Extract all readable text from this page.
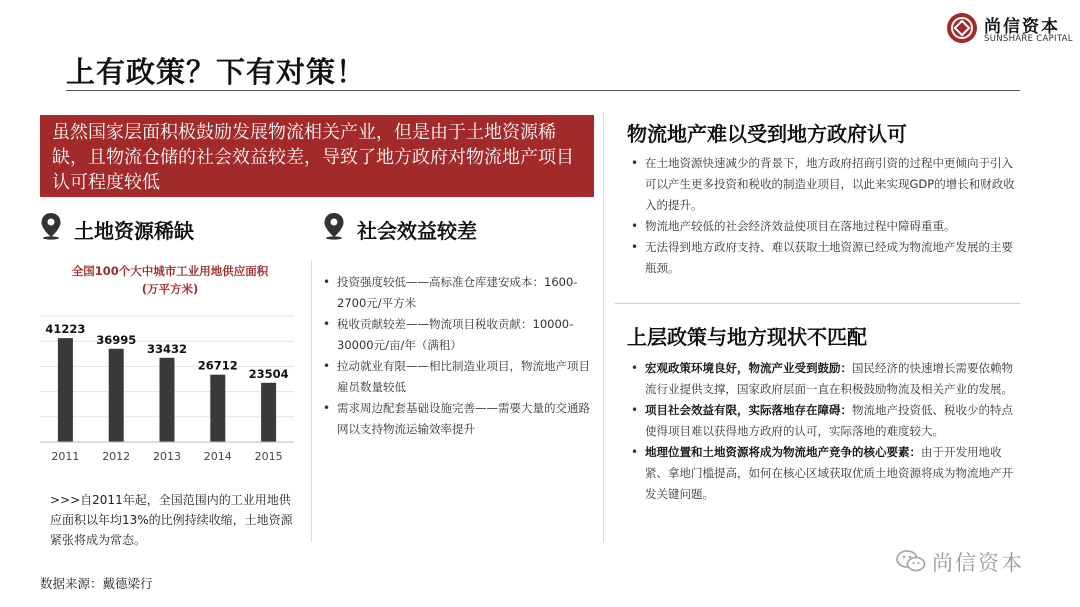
上有政策？下有对策！
尚信资本
SUNSHARE CAPITAL
虽然国家层面积极鼓励发展物流相关产业，但是由于土地资源稀缺，且物流仓储的社会效益较差，导致了地方政府对物流地产项目认可程度较低
土地资源稀缺
全国100个大中城市工业用地供应面积
(万平方米)
41223
2011
36995
2012
33432
2013
26712
2014
23504
2015
>>>自2011年起，全国范围内的工业用地供应面积以年均13%的比例持续收缩，土地资源紧张将成为常态。
社会效益较差
• 投资强度较低——高标准仓库建安成本：1600-2700元/平方米
• 税收贡献较差——物流项目税收贡献：10000-30000元/亩/年（满租）
• 拉动就业有限——相比制造业项目，物流地产项目雇员数量较低
• 需求周边配套基础设施完善——需要大量的交通路网以支持物流运输效率提升
物流地产难以受到地方政府认可
• 在土地资源快速减少的背景下，地方政府招商引资的过程中更倾向于引入可以产生更多投资和税收的制造业项目，以此来实现GDP的增长和财政收入的提升。
• 物流地产较低的社会经济效益使项目在落地过程中障碍重重。
• 无法得到地方政府支持、难以获取土地资源已经成为物流地产发展的主要瓶颈。
上层政策与地方现状不匹配
• 宏观政策环境良好，物流产业受到鼓励：国民经济的快速增长需要依赖物流行业提供支撑，国家政府层面一直在积极鼓励物流及相关产业的发展。
• 项目社会效益有限，实际落地存在障碍：物流地产投资低、税收少的特点使得项目难以获得地方政府的认可，实际落地的难度较大。
• 地理位置和土地资源将成为物流地产竞争的核心要素：由于开发用地收紧、拿地门槛提高，如何在核心区域获取优质土地资源将成为物流地产开发关键问题。
数据来源：戴德梁行
尚信资本
